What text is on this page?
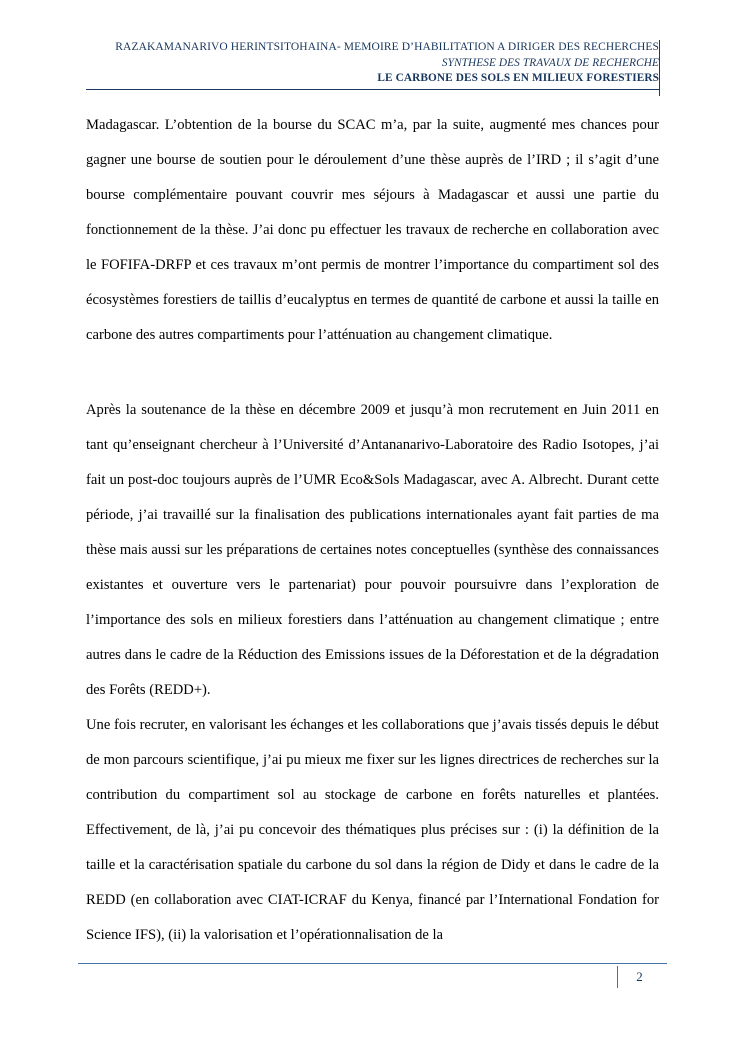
RAZAKAMANARIVO HERINTSITOHAINA- MEMOIRE D’HABILITATION A DIRIGER DES RECHERCHES
SYNTHESE DES TRAVAUX DE RECHERCHE
LE CARBONE DES SOLS EN MILIEUX FORESTIERS

Madagascar. L’obtention de la bourse du SCAC m’a, par la suite, augmenté mes chances pour gagner une bourse de soutien pour le déroulement d’une thèse auprès de l’IRD ; il s’agit d’une bourse complémentaire pouvant couvrir mes séjours à Madagascar et aussi une partie du fonctionnement de la thèse. J’ai donc pu effectuer les travaux de recherche en collaboration avec le FOFIFA-DRFP et ces travaux m’ont permis de montrer l’importance du compartiment sol des écosystèmes forestiers de taillis d’eucalyptus en termes de quantité de carbone et aussi la taille en carbone des autres compartiments pour l’atténuation au changement climatique.

Après la soutenance de la thèse en décembre 2009 et jusqu’à mon recrutement en Juin 2011 en tant qu’enseignant chercheur à l’Université d’Antananarivo-Laboratoire des Radio Isotopes, j’ai fait un post-doc toujours auprès de l’UMR Eco&Sols Madagascar, avec A. Albrecht. Durant cette période, j’ai travaillé sur la finalisation des publications internationales ayant fait parties de ma thèse mais aussi sur les préparations de certaines notes conceptuelles (synthèse des connaissances existantes et ouverture vers le partenariat) pour pouvoir poursuivre dans l’exploration de l’importance des sols en milieux forestiers dans l’atténuation au changement climatique ; entre autres dans le cadre de la Réduction des Emissions issues de la Déforestation et de la dégradation des Forêts (REDD+).

Une fois recruter, en valorisant les échanges et les collaborations que j’avais tissés depuis le début de mon parcours scientifique, j’ai pu mieux me fixer sur les lignes directrices de recherches sur la contribution du compartiment sol au stockage de carbone en forêts naturelles et plantées. Effectivement, de là, j’ai pu concevoir des thématiques plus précises sur : (i) la définition de la taille et la caractérisation spatiale du carbone du sol dans la région de Didy et dans le cadre de la REDD (en collaboration avec CIAT-ICRAF du Kenya, financé par l’International Fondation for Science IFS), (ii) la valorisation et l’opérationnalisation de la

2
